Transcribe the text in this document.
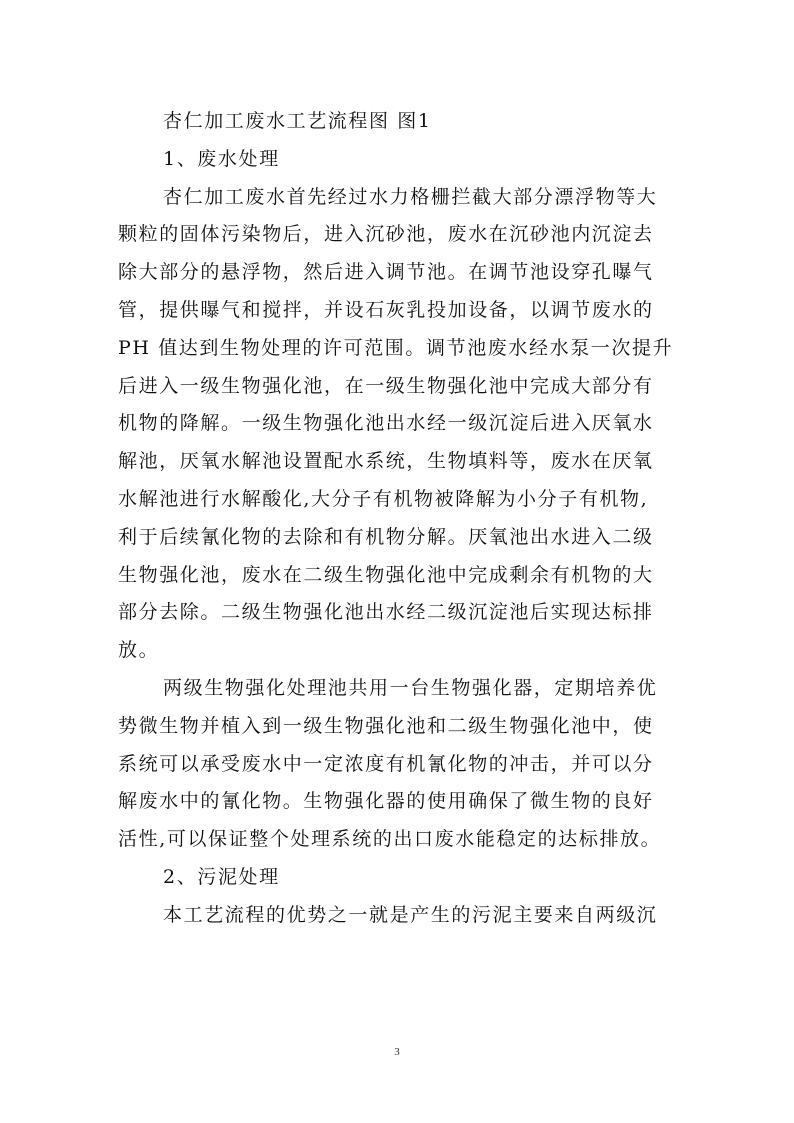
杏仁加工废水工艺流程图 图1
1、废水处理
杏仁加工废水首先经过水力格栅拦截大部分漂浮物等大
颗粒的固体污染物后，进入沉砂池，废水在沉砂池内沉淀去
除大部分的悬浮物，然后进入调节池。在调节池设穿孔曝气
管，提供曝气和搅拌，并设石灰乳投加设备，以调节废水的
PH 值达到生物处理的许可范围。调节池废水经水泵一次提升
后进入一级生物强化池，在一级生物强化池中完成大部分有
机物的降解。一级生物强化池出水经一级沉淀后进入厌氧水
解池，厌氧水解池设置配水系统，生物填料等，废水在厌氧
水解池进行水解酸化,大分子有机物被降解为小分子有机物,
利于后续氰化物的去除和有机物分解。厌氧池出水进入二级
生物强化池，废水在二级生物强化池中完成剩余有机物的大
部分去除。二级生物强化池出水经二级沉淀池后实现达标排
放。
两级生物强化处理池共用一台生物强化器，定期培养优
势微生物并植入到一级生物强化池和二级生物强化池中，使
系统可以承受废水中一定浓度有机氰化物的冲击，并可以分
解废水中的氰化物。生物强化器的使用确保了微生物的良好
活性,可以保证整个处理系统的出口废水能稳定的达标排放。
2、污泥处理
本工艺流程的优势之一就是产生的污泥主要来自两级沉
3
